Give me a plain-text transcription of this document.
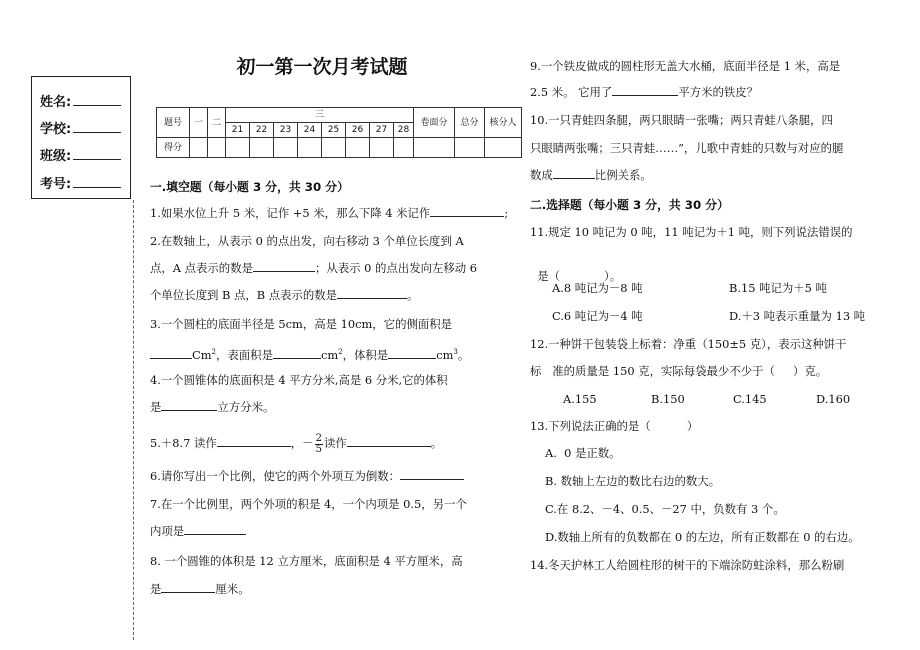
姓名:
学校:
班级:
考号:
初一第一次月考试题
题号	一	二	三								卷面分	总分	核分人
			21	22	23	24	25	26	27	28			
得分													
一.填空题（每小题 3 分，共 30 分）
1.如果水位上升 5 米，记作 +5 米，那么下降 4 米记作	;
2.在数轴上，从表示 0 的点出发，向右移动 3 个单位长度到 A
点，A 点表示的数是	；从表示 0 的点出发向左移动 6
个单位长度到 B 点，B 点表示的数是	。
3.一个圆柱的底面半径是 5cm，高是 10cm，它的侧面积是
Cm$^2$，表面积是	$cm^2$，体积是	$cm^3$。
4.一个圆锥体的底面积是 4 平方分米,高是 6 分米,它的体积
是	立方分米。
5.＋8.7 读作	，－ $\frac{2}{5}$ 读作	。
6.请你写出一个比例，使它的两个外项互为倒数：
7.在一个比例里，两个外项的积是 4，一个内项是 0.5，另一个
内项是
8. 一个圆锥的体积是 12 立方厘米，底面积是 4 平方厘米，高
是	厘米。
9.一个铁皮做成的圆柱形无盖大水桶，底面半径是 1 米，高是
2.5 米。 它用了	平方米的铁皮？
10.一只青蛙四条腿，两只眼睛一张嘴；两只青蛙八条腿，四
只眼睛两张嘴；三只青蛙……”，儿歌中青蛙的只数与对应的腿
数成	比例关系。
二.选择题（每小题 3 分，共 30 分）
11.规定 10 吨记为 0 吨，11 吨记为＋1 吨，则下列说法错误的

是（	）。

A.8 吨记为－8 吨	B.15 吨记为＋5 吨
C.6 吨记为－4 吨	D.＋3 吨表示重量为 13 吨
12.一种饼干包装袋上标着：净重（150±5 克），表示这种饼干
标   准的质量是 150 克，实际每袋最少不少于（     ）克。
A.155	B.150	C.145	D.160
13.下列说法正确的是（          ）
A.  0 是正数。
B. 数轴上左边的数比右边的数大。
C.在 8.2、－4、0.5、－27 中，负数有 3 个。
D.数轴上所有的负数都在 0 的左边，所有正数都在 0 的右边。
14.冬天护林工人给圆柱形的树干的下端涂防蛀涂料，那么粉刷
